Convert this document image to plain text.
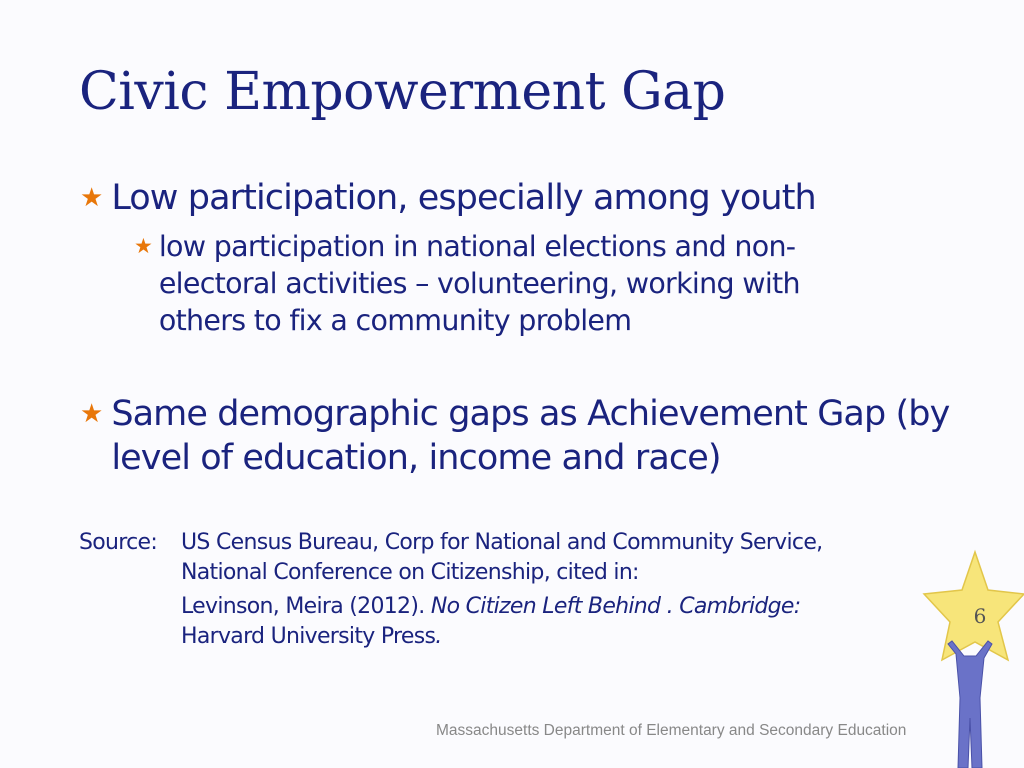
Civic Empowerment Gap
★ Low participation, especially among youth
★ low participation in national elections and non-electoral activities – volunteering, working with others to fix a community problem
★ Same demographic gaps as Achievement Gap (by level of education, income and race)
Source:	US Census Bureau, Corp for National and Community Service,
National Conference on Citizenship, cited in:
Levinson, Meira (2012). No Citizen Left Behind . Cambridge:
Harvard University Press.
Massachusetts Department of Elementary and Secondary Education
6
